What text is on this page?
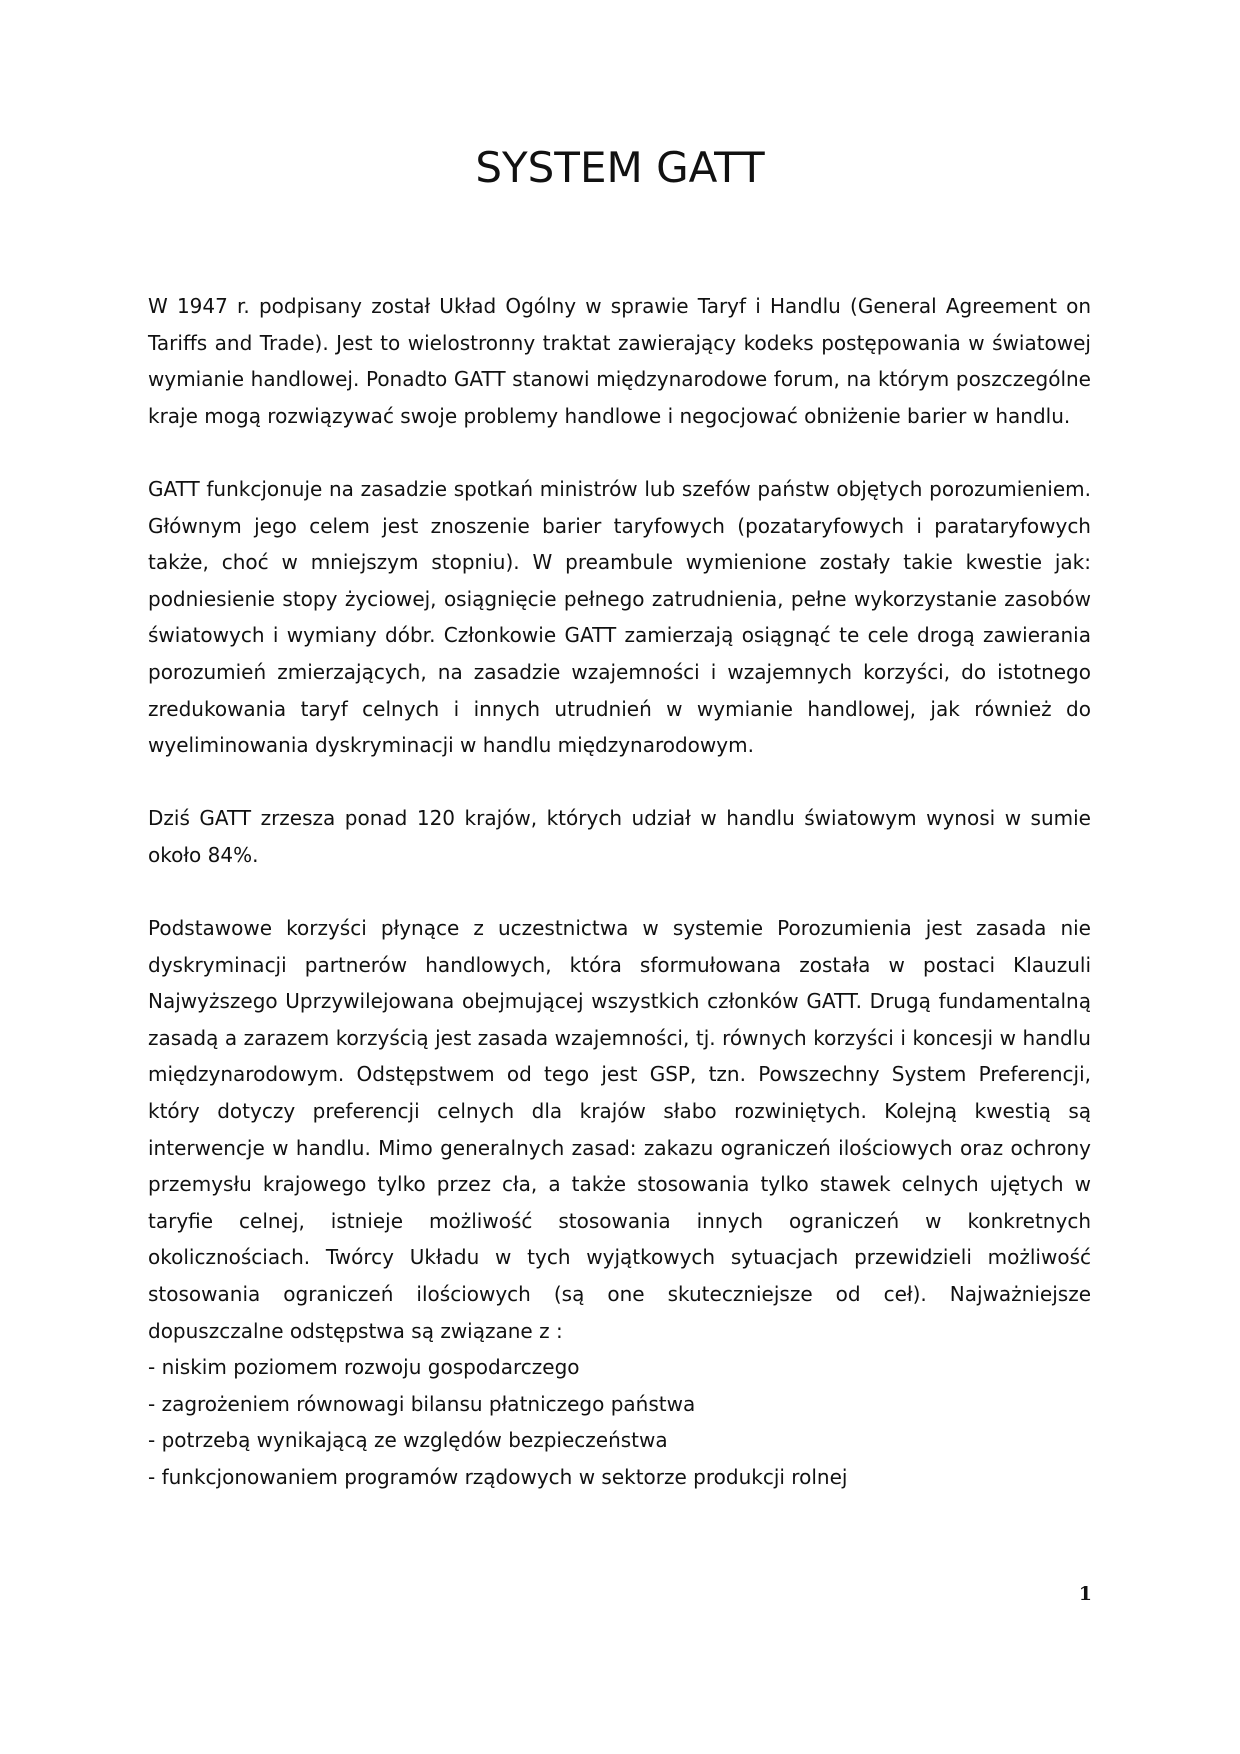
SYSTEM GATT

W 1947 r. podpisany został Układ Ogólny w sprawie Taryf i Handlu (General Agreement on Tariffs and Trade). Jest to wielostronny traktat zawierający kodeks postępowania w światowej wymianie handlowej. Ponadto GATT stanowi międzynarodowe forum, na którym poszczególne kraje mogą rozwiązywać swoje problemy handlowe i negocjować obniżenie barier w handlu.

GATT funkcjonuje na zasadzie spotkań ministrów lub szefów państw objętych porozumieniem. Głównym jego celem jest znoszenie barier taryfowych (pozataryfowych i parataryfowych także, choć w mniejszym stopniu). W preambule wymienione zostały takie kwestie jak: podniesienie stopy życiowej, osiągnięcie pełnego zatrudnienia, pełne wykorzystanie zasobów światowych i wymiany dóbr. Członkowie GATT zamierzają osiągnąć te cele drogą zawierania porozumień zmierzających, na zasadzie wzajemności i wzajemnych korzyści, do istotnego zredukowania taryf celnych i innych utrudnień w wymianie handlowej, jak również do wyeliminowania dyskryminacji w handlu międzynarodowym.

Dziś GATT zrzesza ponad 120 krajów, których udział w handlu światowym wynosi w sumie około 84%.

Podstawowe korzyści płynące z uczestnictwa w systemie Porozumienia jest zasada nie dyskryminacji partnerów handlowych, która sformułowana została w postaci Klauzuli Najwyższego Uprzywilejowana obejmującej wszystkich członków GATT. Drugą fundamentalną zasadą a zarazem korzyścią jest zasada wzajemności, tj. równych korzyści i koncesji w handlu międzynarodowym. Odstępstwem od tego jest GSP, tzn. Powszechny System Preferencji, który dotyczy preferencji celnych dla krajów słabo rozwiniętych. Kolejną kwestią są interwencje w handlu. Mimo generalnych zasad: zakazu ograniczeń ilościowych oraz ochrony przemysłu krajowego tylko przez cła, a także stosowania tylko stawek celnych ujętych w taryfie celnej, istnieje możliwość stosowania innych ograniczeń w konkretnych okolicznościach. Twórcy Układu w tych wyjątkowych sytuacjach przewidzieli możliwość stosowania ograniczeń ilościowych (są one skuteczniejsze od ceł). Najważniejsze dopuszczalne odstępstwa są związane z :

- niskim poziomem rozwoju gospodarczego
- zagrożeniem równowagi bilansu płatniczego państwa
- potrzebą wynikającą ze względów bezpieczeństwa
- funkcjonowaniem programów rządowych w sektorze produkcji rolnej
1
